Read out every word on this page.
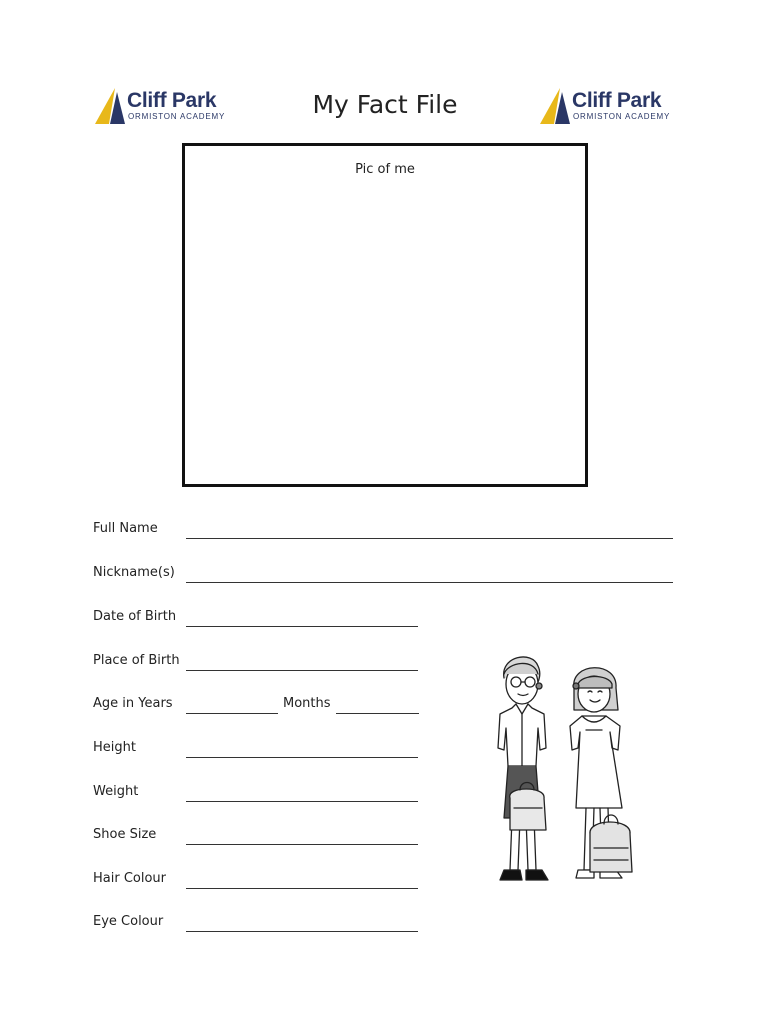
Cliff Park
ORMISTON ACADEMY	My Fact File	Cliff Park
ORMISTON ACADEMY
Pic of me
Full Name
Nickname(s)
Date of Birth
Place of Birth
Age in Years	Months
Height
Weight
Shoe Size
Hair Colour
Eye Colour
